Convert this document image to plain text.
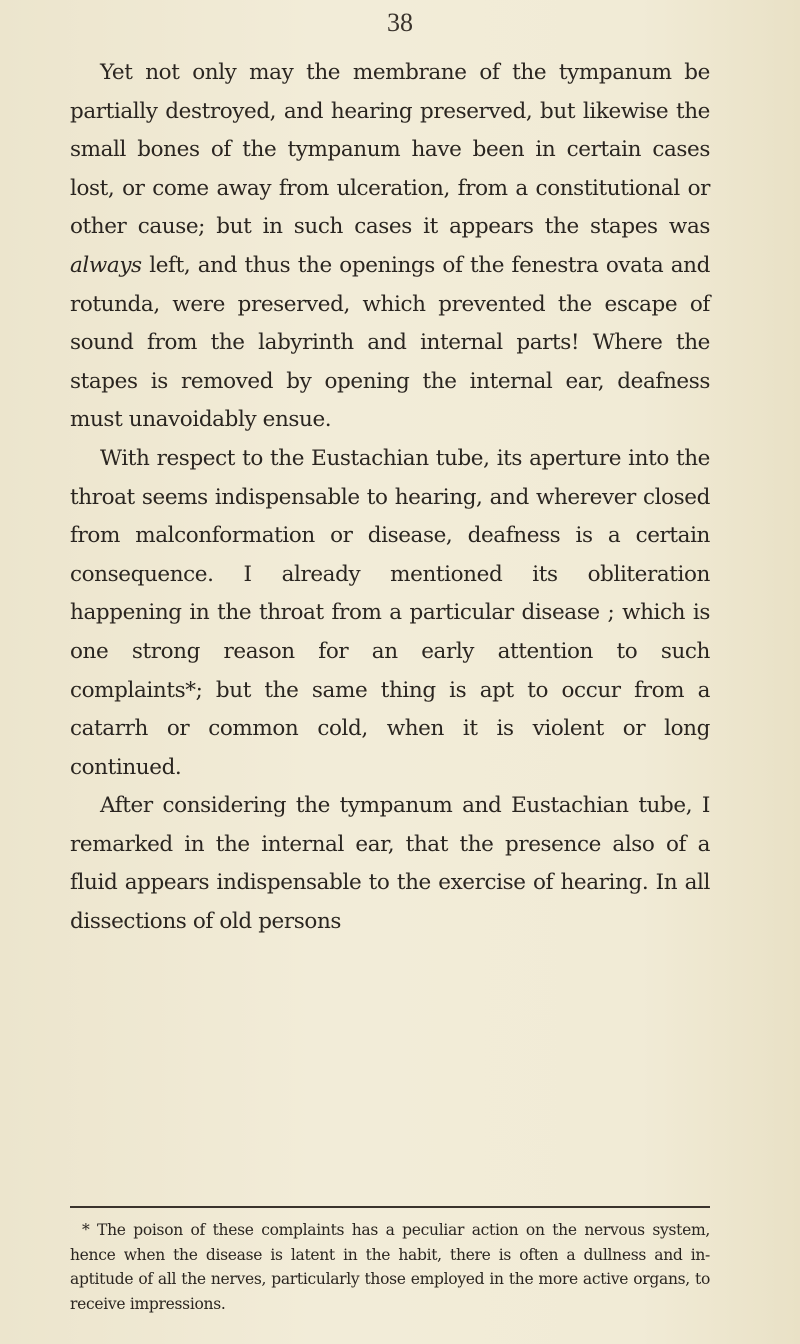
38

Yet not only may the membrane of the tympanum be partially destroyed, and hearing preserved, but likewise the small bones of the tympanum have been in certain cases lost, or come away from ulceration, from a constitutional or other cause; but in such cases it appears the stapes was always left, and thus the openings of the fenestra ovata and rotunda, were preserved, which prevented the escape of sound from the labyrinth and internal parts! Where the stapes is removed by opening the internal ear, deafness must unavoidably ensue.

With respect to the Eustachian tube, its aperture into the throat seems indispensable to hearing, and wherever closed from malconformation or disease, deafness is a certain consequence. I already mentioned its obliteration happening in the throat from a particular disease ; which is one strong reason for an early attention to such complaints*; but the same thing is apt to occur from a catarrh or common cold, when it is violent or long continued.

After considering the tympanum and Eustachian tube, I remarked in the internal ear, that the presence also of a fluid appears indispensable to the exercise of hearing. In all dissections of old persons

* The poison of these complaints has a peculiar action on the nervous system, hence when the disease is latent in the habit, there is often a dullness and in-aptitude of all the nerves, particularly those employed in the more active organs, to receive impressions.
